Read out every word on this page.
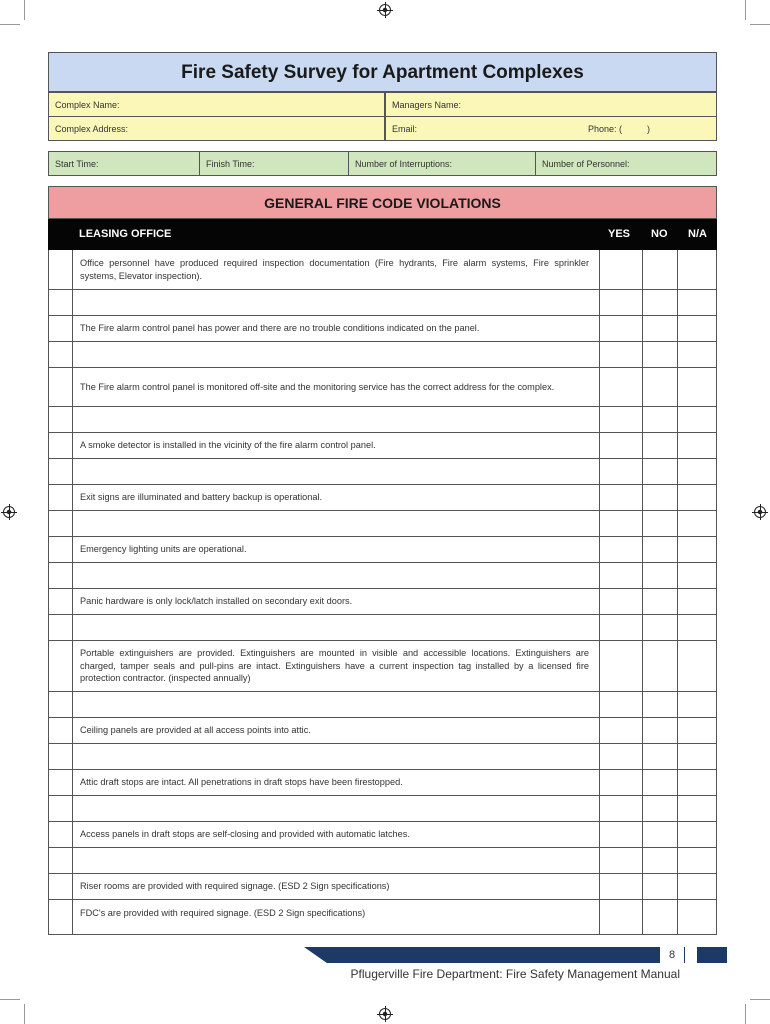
Fire Safety Survey for Apartment Complexes
Complex Name:	Managers Name:
Complex Address:	Email:	Phone: (          )
Start Time:	Finish Time:	Number of Interruptions:	Number of Personnel:
GENERAL FIRE CODE VIOLATIONS
LEASING OFFICE	YES NO N/A
Office personnel have produced required inspection documentation (Fire hydrants, Fire alarm systems, Fire sprinkler systems, Elevator inspection).
The Fire alarm control panel has power and there are no trouble conditions indicated on the panel.
The Fire alarm control panel is monitored off-site and the monitoring service has the correct address for the complex.
A smoke detector is installed in the vicinity of the fire alarm control panel.
Exit signs are illuminated and battery backup is operational.
Emergency lighting units are operational.
Panic hardware is only lock/latch installed on secondary exit doors.
Portable extinguishers are provided. Extinguishers are mounted in visible and accessible locations. Extinguishers are charged, tamper seals and pull-pins are intact. Extinguishers have a current inspection tag installed by a licensed fire protection contractor. (inspected annually)
Ceiling panels are provided at all access points into attic.
Attic draft stops are intact. All penetrations in draft stops have been firestopped.
Access panels in draft stops are self-closing and provided with automatic latches.
Riser rooms are provided with required signage. (ESD 2 Sign specifications)
FDC's are provided with required signage. (ESD 2 Sign specifications)
8
Pflugerville Fire Department: Fire Safety Management Manual
